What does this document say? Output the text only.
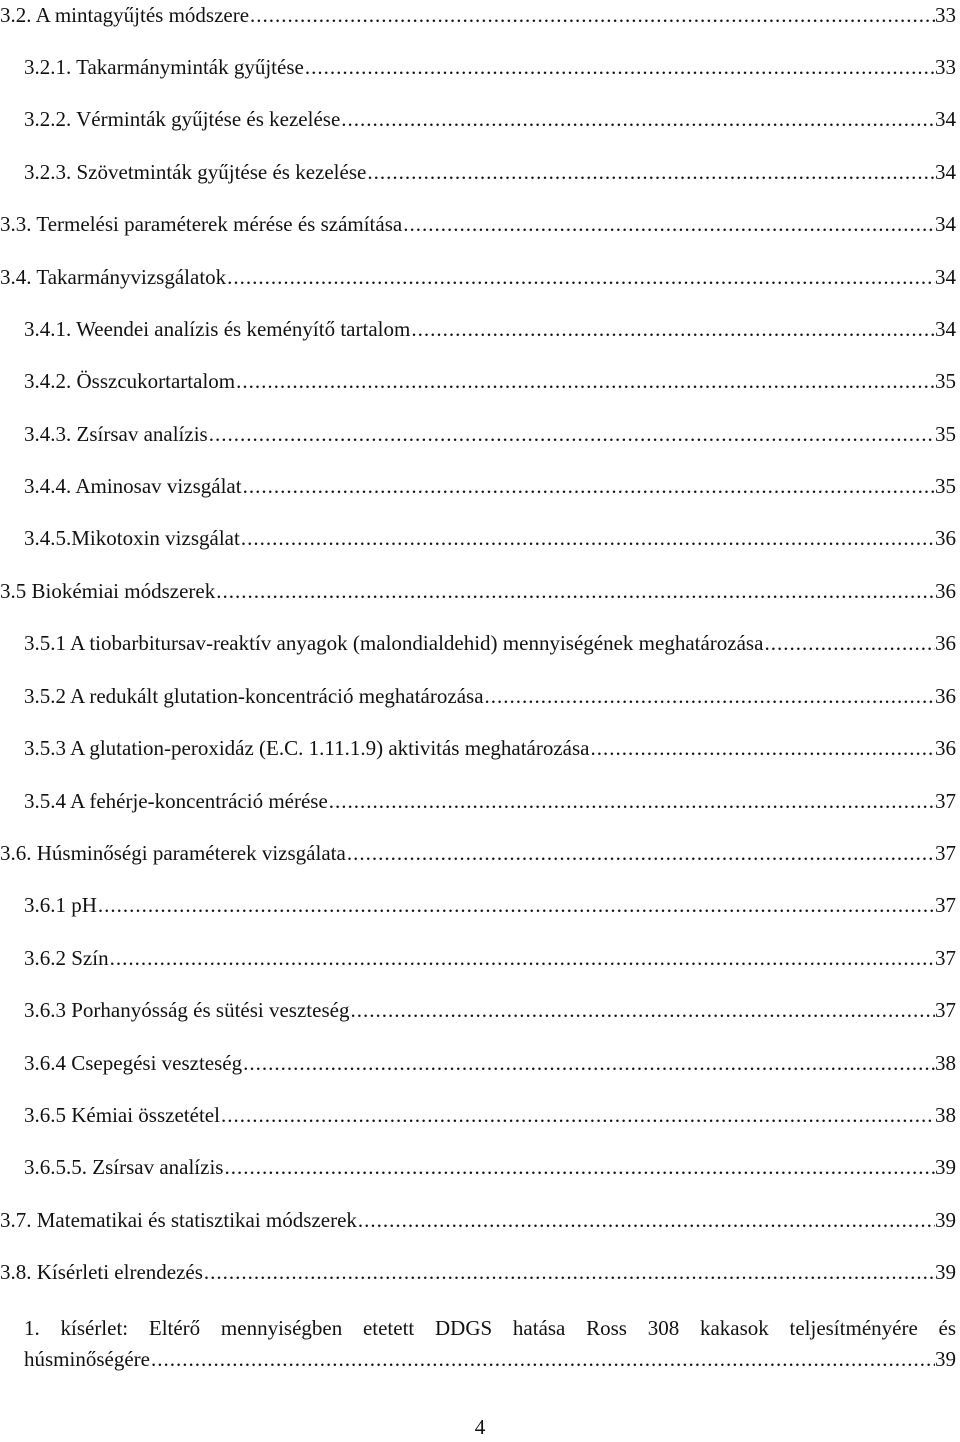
3.2. A mintagyűjtés módszere .....	33
3.2.1. Takarmányminták gyűjtése .....	33
3.2.2. Vérminták gyűjtése és kezelése .....	34
3.2.3. Szövetminták gyűjtése és kezelése .....	34
3.3. Termelési paraméterek mérése és számítása .....	34
3.4. Takarmányvizsgálatok .....	34
3.4.1. Weendei analízis és keményítő tartalom .....	34
3.4.2. Összcukortartalom .....	35
3.4.3. Zsírsav analízis .....	35
3.4.4. Aminosav vizsgálat .....	35
3.4.5.Mikotoxin vizsgálat .....	36
3.5 Biokémiai módszerek .....	36
3.5.1 A tiobarbitursav-reaktív anyagok (malondialdehid) mennyiségének meghatározása .....	36
3.5.2 A redukált glutation-koncentráció meghatározása .....	36
3.5.3 A glutation-peroxidáz (E.C. 1.11.1.9) aktivitás meghatározása .....	36
3.5.4 A fehérje-koncentráció mérése .....	37
3.6. Húsminőségi paraméterek vizsgálata .....	37
3.6.1 pH .....	37
3.6.2 Szín .....	37
3.6.3 Porhanyósság és sütési veszteség .....	37
3.6.4 Csepegési veszteség .....	38
3.6.5 Kémiai összetétel .....	38
3.6.5.5. Zsírsav analízis .....	39
3.7. Matematikai és statisztikai módszerek .....	39
3.8. Kísérleti elrendezés .....	39
1. kísérlet: Eltérő mennyiségben etetett DDGS hatása Ross 308 kakasok teljesítményére és
húsminőségére .....	39
4
